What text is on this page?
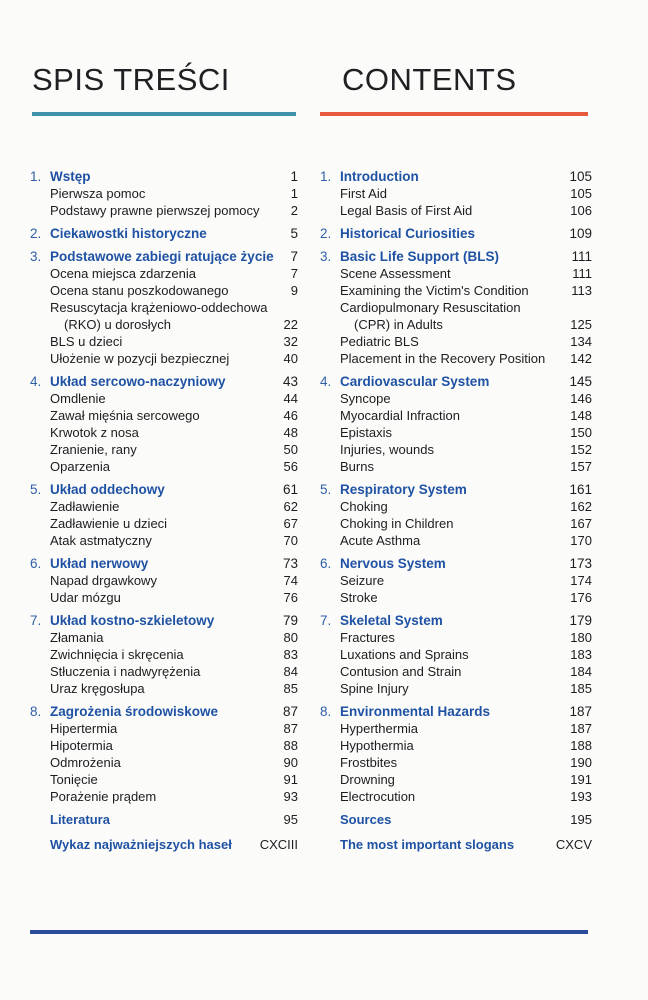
SPIS TREŚCI
1. Wstęp	1
Pierwsza pomoc	1
Podstawy prawne pierwszej pomocy 2
2. Ciekawostki historyczne	5
3. Podstawowe zabiegi ratujące życie 7
Ocena miejsca zdarzenia	7
Ocena stanu poszkodowanego	9
Resuscytacja krążeniowo-oddechowa
(RKO) u dorosłych	22
BLS u dzieci	32
Ułożenie w pozycji bezpiecznej	40
4. Układ sercowo-naczyniowy	43
Omdlenie	44
Zawał mięśnia sercowego	46
Krwotok z nosa	48
Zranienie, rany	50
Oparzenia	56
5. Układ oddechowy	61
Zadławienie	62
Zadławienie u dzieci	67
Atak astmatyczny	70
6. Układ nerwowy	73
Napad drgawkowy	74
Udar mózgu	76
7. Układ kostno-szkieletowy	79
Złamania	80
Zwichnięcia i skręcenia	83
Stłuczenia i nadwyrężenia	84
Uraz kręgosłupa	85
8. Zagrożenia środowiskowe	87
Hipertermia	87
Hipotermia	88
Odmrożenia	90
Tonięcie	91
Porażenie prądem	93
Literatura	95
Wykaz najważniejszych haseł CXCIII
CONTENTS
1. Introduction	105
First Aid	105
Legal Basis of First Aid	106
2. Historical Curiosities	109
3. Basic Life Support (BLS)	111
Scene Assessment	111
Examining the Victim's Condition	113
Cardiopulmonary Resuscitation
(CPR) in Adults	125
Pediatric BLS	134
Placement in the Recovery Position 142
4. Cardiovascular System	145
Syncope	146
Myocardial Infraction	148
Epistaxis	150
Injuries, wounds	152
Burns	157
5. Respiratory System	161
Choking	162
Choking in Children	167
Acute Asthma	170
6. Nervous System	173
Seizure	174
Stroke	176
7. Skeletal System	179
Fractures	180
Luxations and Sprains	183
Contusion and Strain	184
Spine Injury	185
8. Environmental Hazards	187
Hyperthermia	187
Hypothermia	188
Frostbites	190
Drowning	191
Electrocution	193
Sources	195
The most important slogans	CXCV
